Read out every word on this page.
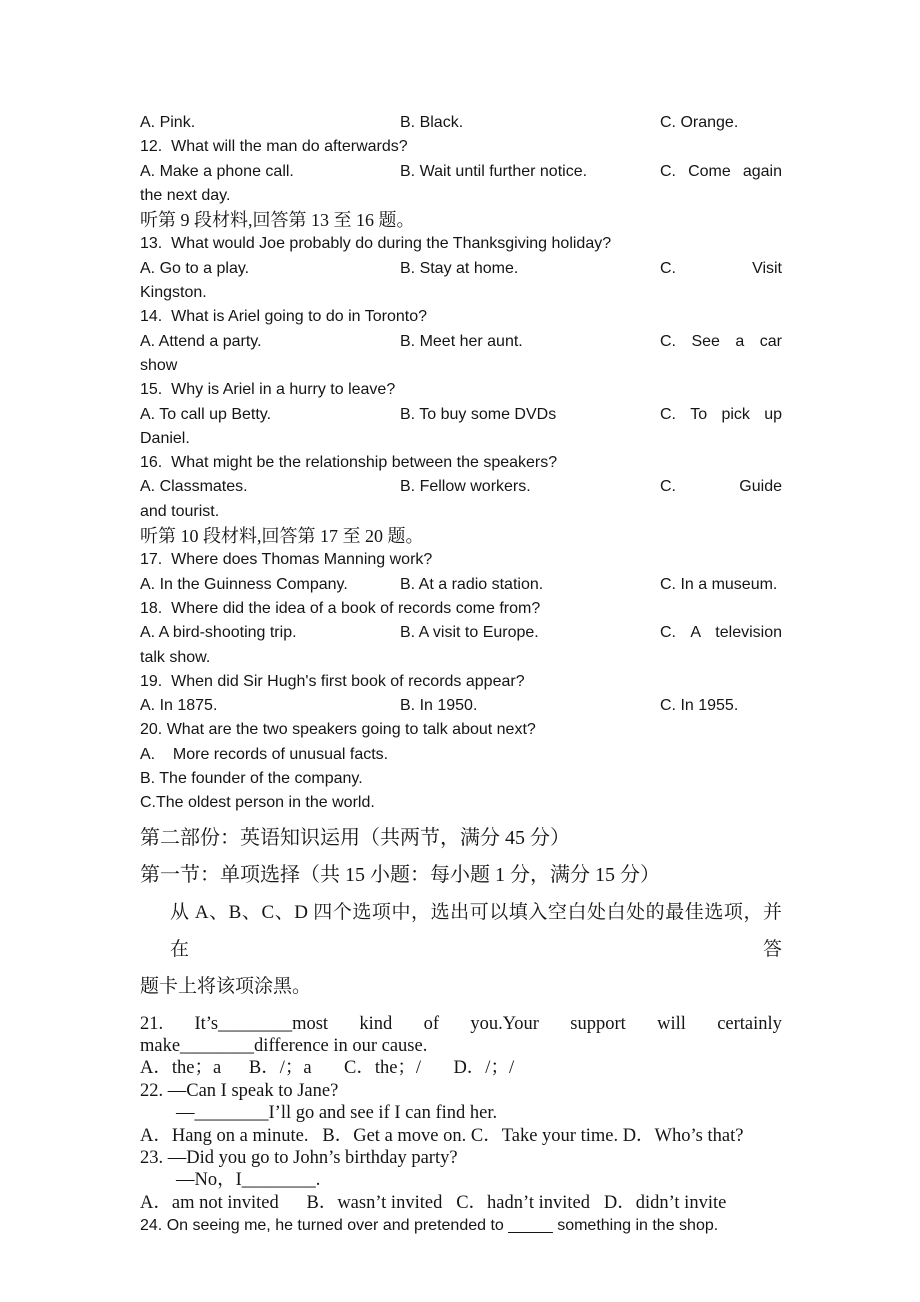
A. Pink.	B. Black.	C. Orange.
12.  What will the man do afterwards?
A. Make a phone call.	B. Wait until further notice.	C. Come again
the next day.
听第 9 段材料,回答第 13 至 16 题。
13.  What would Joe probably do during the Thanksgiving holiday?
A. Go to a play.	B. Stay at home.	C.	Visit
Kingston.
14.  What is Ariel going to do in Toronto?
A. Attend a party.	B. Meet her aunt.	C. See a car
show
15.  Why is Ariel in a hurry to leave?
A. To call up Betty.	B. To buy some DVDs	C. To pick up
Daniel.
16.  What might be the relationship between the speakers?
A. Classmates.	B. Fellow workers.	C.	Guide
and tourist.
听第 10 段材料,回答第 17 至 20 题。
17.  Where does Thomas Manning work?
A. In the Guinness Company.	B. At a radio station.	C. In a museum.
18.  Where did the idea of a book of records come from?
A. A bird-shooting trip.	B. A visit to Europe.	C. A television
talk show.
19.  When did Sir Hugh's first book of records appear?
A. In 1875.	B. In 1950.	C. In 1955.
20. What are the two speakers going to talk about next?
A.    More records of unusual facts.
B. The founder of the company.
C.The oldest person in the world.
第二部份：英语知识运用（共两节，满分 45 分）
第一节：单项选择（共 15 小题：每小题 1 分，满分 15 分）
从 A、B、C、D 四个选项中，选出可以填入空白处白处的最佳选项，并在答
题卡上将该项涂黑。
21. It’s________most kind of you.Your support will certainly
make________difference in our cause.
A．the；a      B．/；a       C．the；/       D．/；/
22. —Can I speak to Jane?
—________I’ll go and see if I can find her.
A．Hang on a minute.   B．Get a move on. C．Take your time. D．Who’s that?
23. —Did you go to John’s birthday party?
—No，I________.
A．am not invited      B．wasn’t invited   C．hadn’t invited   D．didn’t invite
24. On seeing me, he turned over and pretended to _____ something in the shop.
